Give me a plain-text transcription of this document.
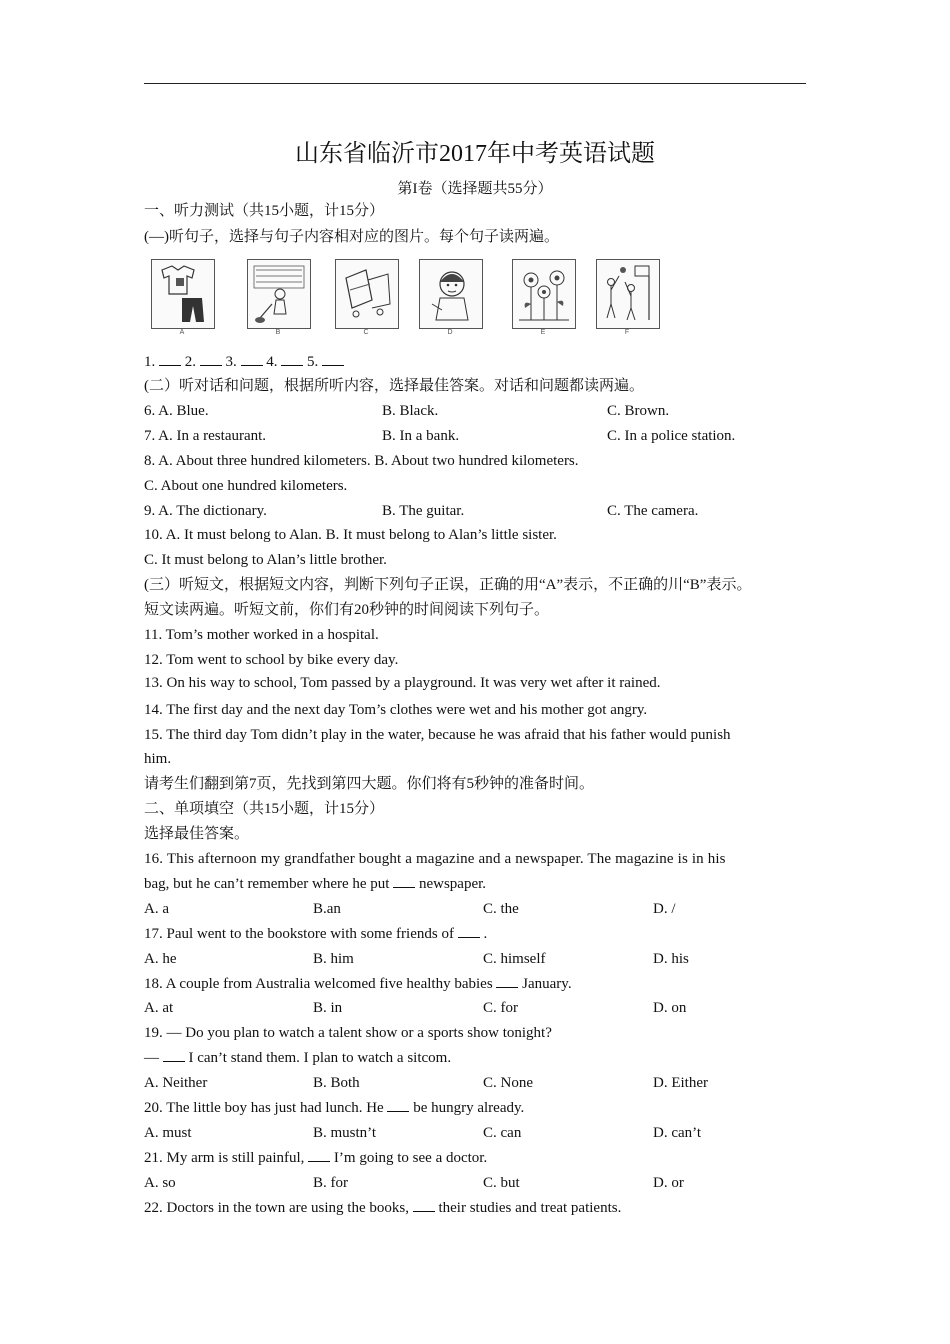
山东省临沂市2017年中考英语试题
第I卷（选择题共55分）
一、听力测试（共15小题，计15分）
(—)听句子，选择与句子内容相对应的图片。每个句子读两遍。
A	B	C	D	E	F
1. 2. 3. 4. 5.
(二）听对话和问题，根据所听内容，选择最佳答案。对话和问题都读两遍。
6. A. Blue.	B. Black.	C. Brown.
7. A. In a restaurant.	B. In a bank.	C. In a police station.
8. A. About three hundred kilometers. B. About two hundred kilometers.
C. About one hundred kilometers.
9. A. The dictionary.	B. The guitar.	C. The camera.
10. A. It must belong to Alan. B. It must belong to Alan’s little sister.
C. It must belong to Alan’s little brother.
(三）听短文，根据短文内容，判断下列句子正误，正确的用“A”表示，不正确的川“B”表示。
短文读两遍。听短文前，你们有20秒钟的时间阅读下列句子。
11. Tom’s mother worked in a hospital.
12. Tom went to school by bike every day.
13. On his way to school, Tom passed by a playground. It was very wet after it rained.
14. The first day and the next day Tom’s clothes were wet and his mother got angry.
15. The third day Tom didn’t play in the water, because he was afraid that his father would punish
him.
请考生们翻到第7页，先找到第四大题。你们将有5秒钟的准备时间。
二、单项填空（共15小题，计15分）
选择最佳答案。
16. This afternoon my grandfather bought a magazine and a newspaper. The magazine is in his
bag, but he can’t remember where he put  newspaper.
A. a	B.an	C. the	D. /
17. Paul went to the bookstore with some friends of  .
A. he	B. him	C. himself	D. his
18. A couple from Australia welcomed five healthy babies  January.
A. at	B. in	C. for	D. on
19. — Do you plan to watch a talent show or a sports show tonight?
—  I can’t stand them. I plan to watch a sitcom.
A. Neither	B. Both	C. None	D. Either
20. The little boy has just had lunch. He  be hungry already.
A. must	B. mustn’t	C. can	D. can’t
21. My arm is still painful,  I’m going to see a doctor.
A. so	B. for	C. but	D. or
22. Doctors in the town are using the books,  their studies and treat patients.
